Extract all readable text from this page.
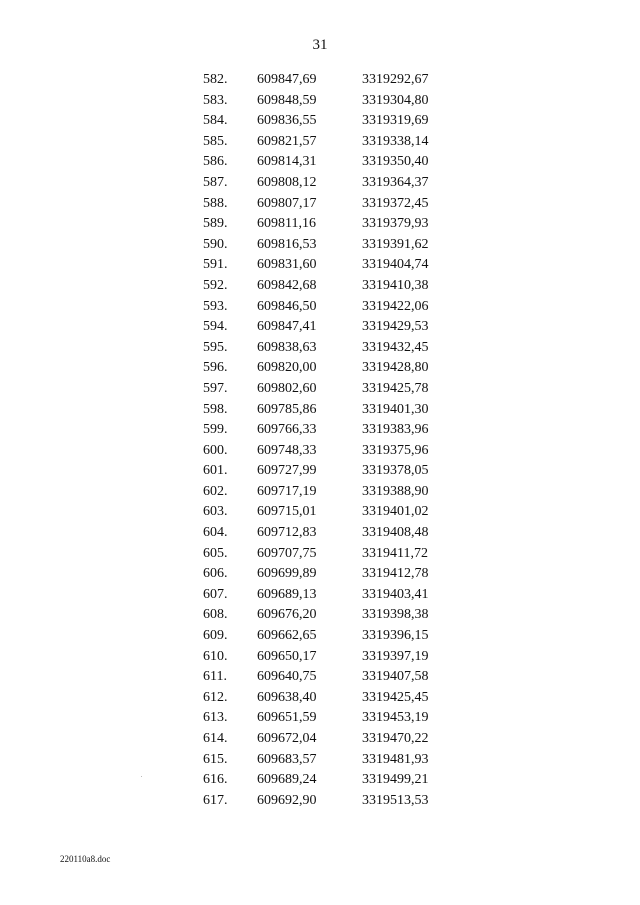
31
582. 609847,69	3319292,67
583. 609848,59	3319304,80
584. 609836,55	3319319,69
585. 609821,57	3319338,14
586. 609814,31	3319350,40
587. 609808,12	3319364,37
588. 609807,17	3319372,45
589. 609811,16	3319379,93
590. 609816,53	3319391,62
591. 609831,60	3319404,74
592. 609842,68	3319410,38
593. 609846,50	3319422,06
594. 609847,41	3319429,53
595. 609838,63	3319432,45
596. 609820,00	3319428,80
597. 609802,60	3319425,78
598. 609785,86	3319401,30
599. 609766,33	3319383,96
600. 609748,33	3319375,96
601. 609727,99	3319378,05
602. 609717,19	3319388,90
603. 609715,01	3319401,02
604. 609712,83	3319408,48
605. 609707,75	3319411,72
606. 609699,89	3319412,78
607. 609689,13	3319403,41
608. 609676,20	3319398,38
609. 609662,65	3319396,15
610. 609650,17	3319397,19
611. 609640,75	3319407,58
612. 609638,40	3319425,45
613. 609651,59	3319453,19
614. 609672,04	3319470,22
615. 609683,57	3319481,93
616. 609689,24	3319499,21
617. 609692,90	3319513,53
220110a8.doc
